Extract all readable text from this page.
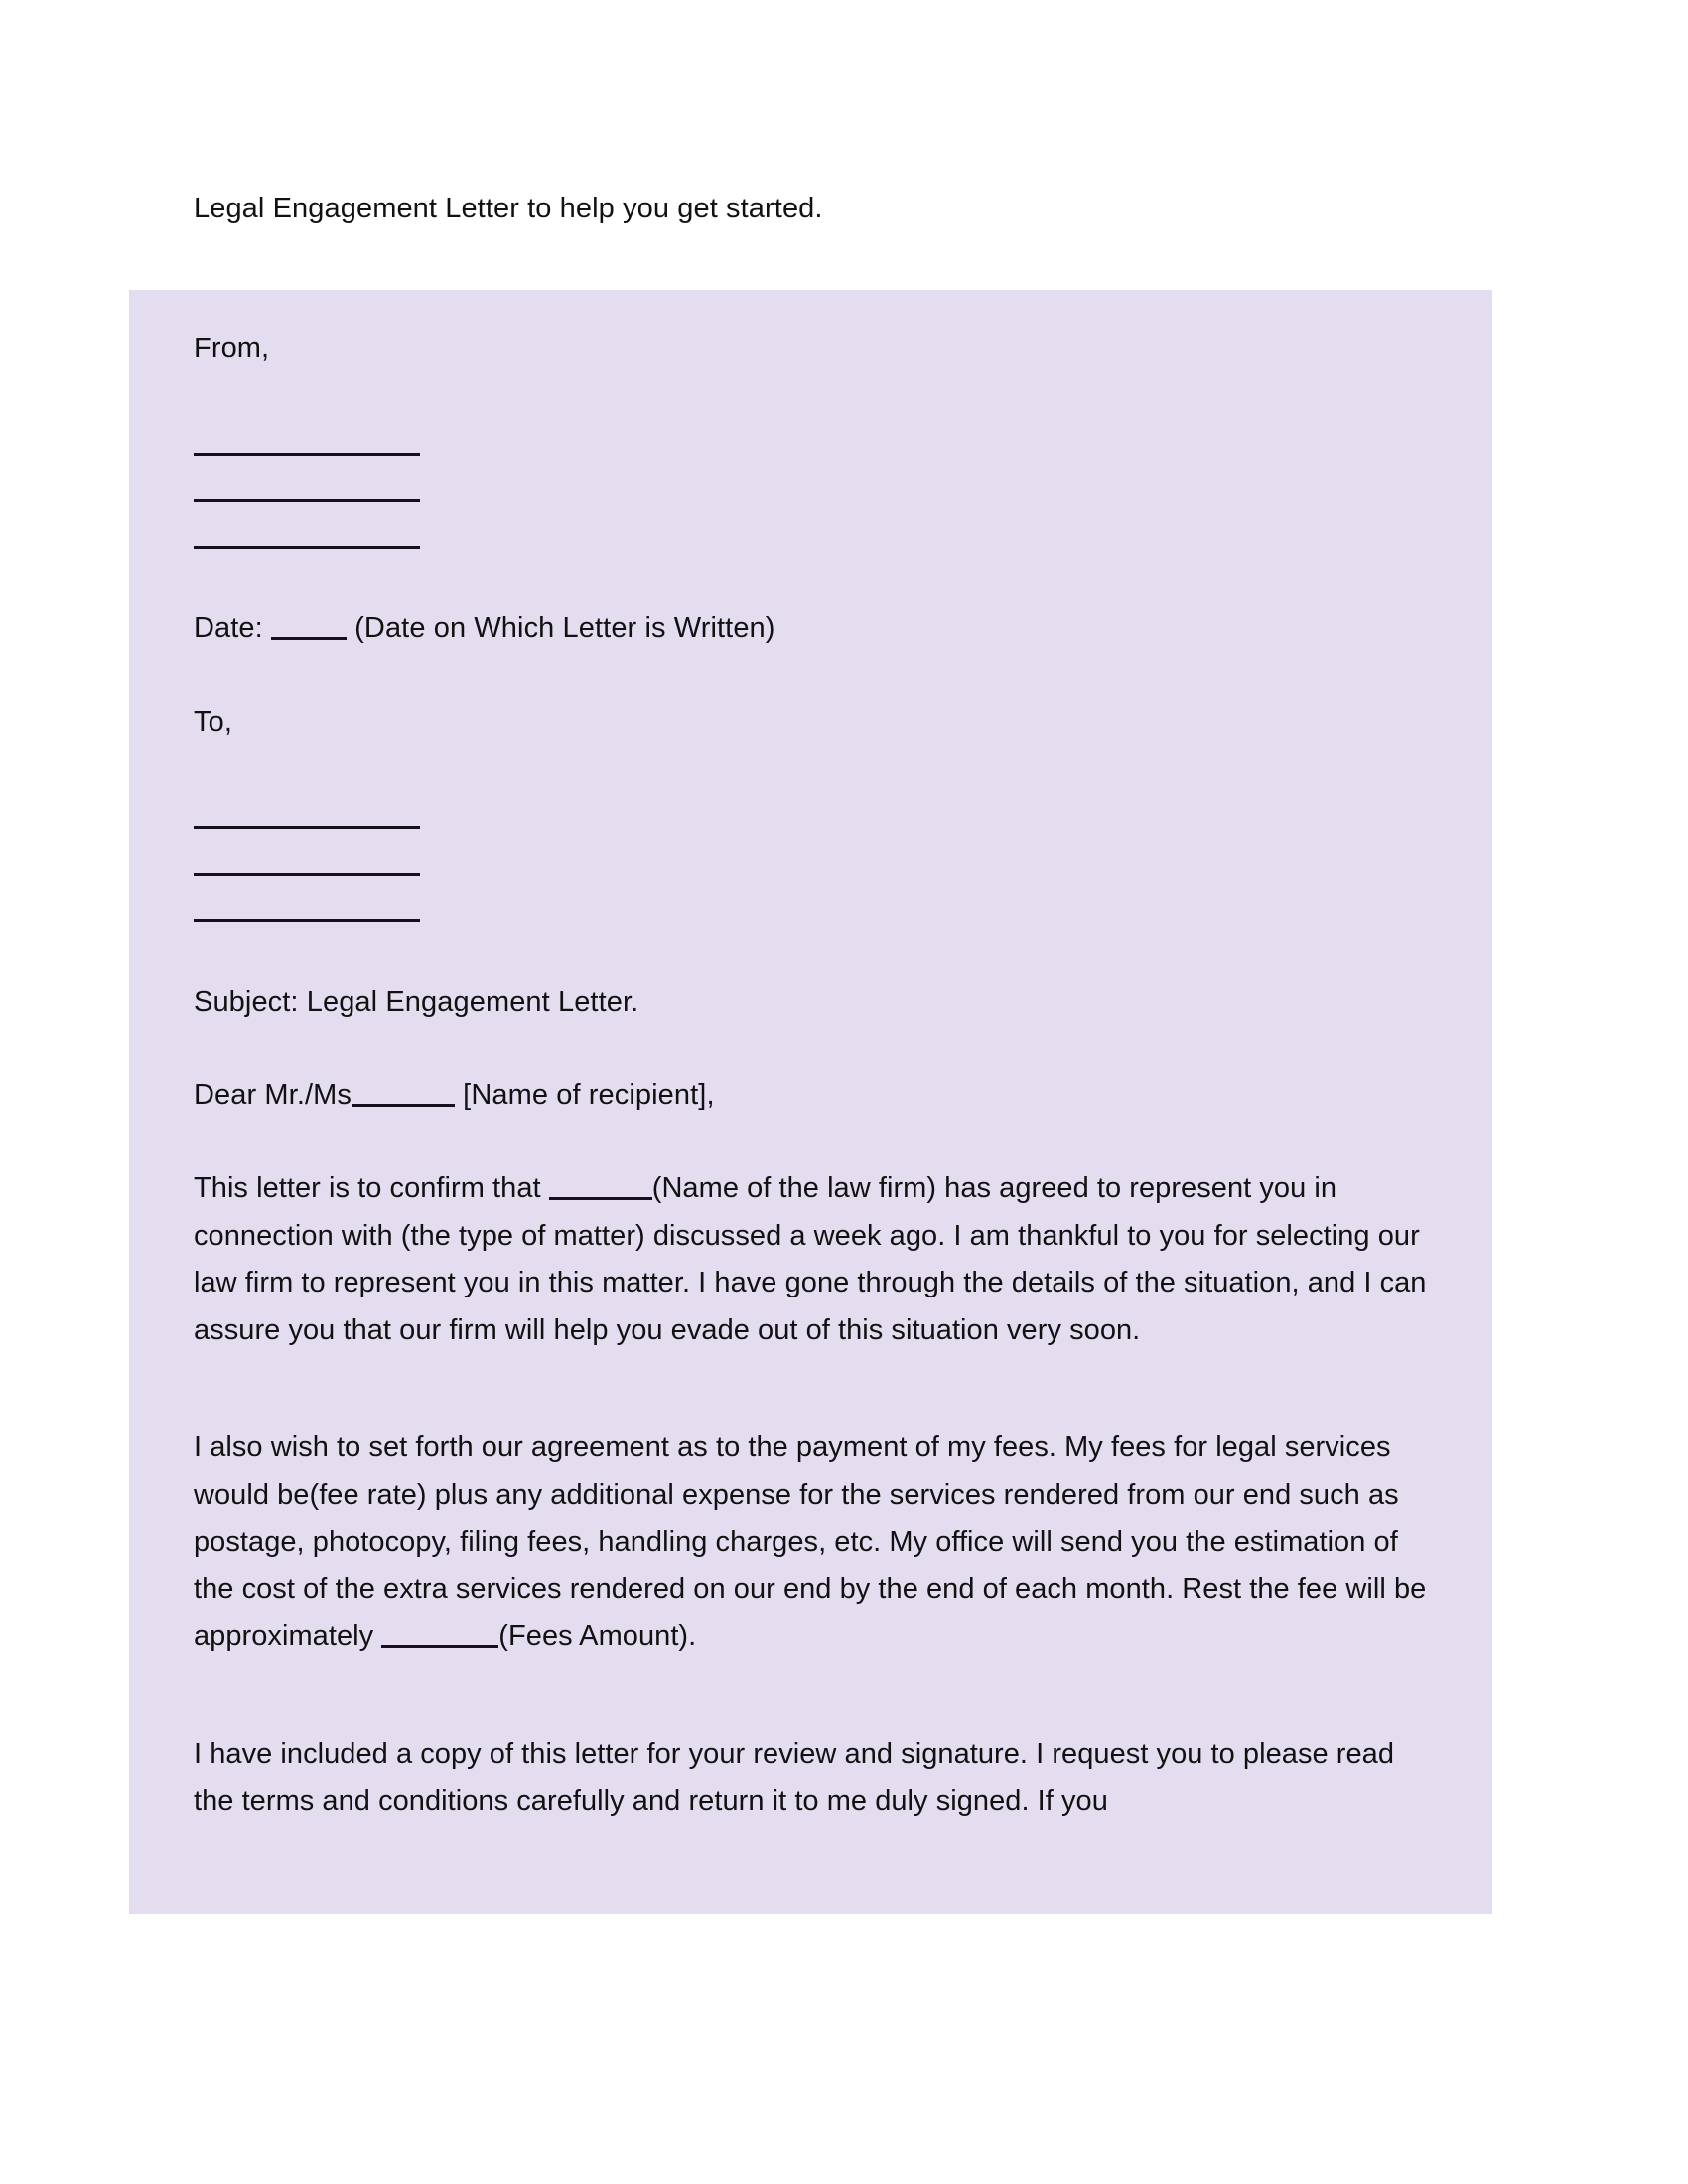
Legal Engagement Letter to help you get started.
From,
Date:	(Date on Which Letter is Written)
To,
Subject: Legal Engagement Letter.
Dear Mr./Ms	[Name of recipient],
This letter is to confirm that	(Name of the law firm) has agreed to represent you in connection with (the type of matter) discussed a week ago. I am thankful to you for selecting our law firm to represent you in this matter. I have gone through the details of the situation, and I can assure you that our firm will help you evade out of this situation very soon.
I also wish to set forth our agreement as to the payment of my fees. My fees for legal services would be(fee rate) plus any additional expense for the services rendered from our end such as postage, photocopy, filing fees, handling charges, etc. My office will send you the estimation of the cost of the extra services rendered on our end by the end of each month. Rest the fee will be approximately	(Fees Amount).
I have included a copy of this letter for your review and signature. I request you to please read the terms and conditions carefully and return it to me duly signed. If you
